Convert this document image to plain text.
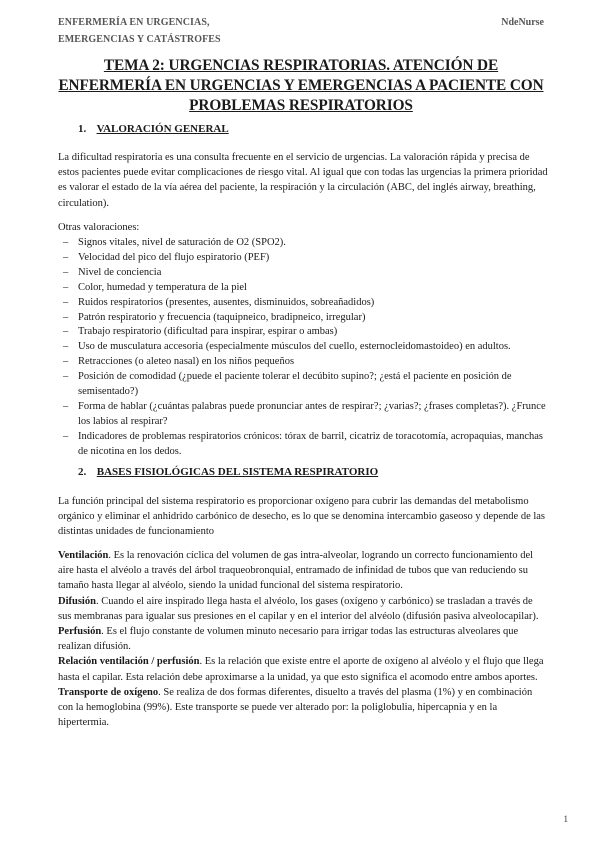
ENFERMERÍA EN URGENCIAS,
EMERGENCIAS Y CATÁSTROFES
NdeNurse
TEMA 2: URGENCIAS RESPIRATORIAS. ATENCIÓN DE ENFERMERÍA EN URGENCIAS Y EMERGENCIAS A PACIENTE CON PROBLEMAS RESPIRATORIOS
1. VALORACIÓN GENERAL

La dificultad respiratoria es una consulta frecuente en el servicio de urgencias. La valoración rápida y precisa de estos pacientes puede evitar complicaciones de riesgo vital. Al igual que con todas las urgencias la primera prioridad es valorar el estado de la vía aérea del paciente, la respiración y la circulación (ABC, del inglés airway, breathing, circulation).

Otras valoraciones:

– Signos vitales, nivel de saturación de O2 (SPO2).
– Velocidad del pico del flujo espiratorio (PEF)
– Nivel de conciencia
– Color, humedad y temperatura de la piel
– Ruidos respiratorios (presentes, ausentes, disminuidos, sobreañadidos)
– Patrón respiratorio y frecuencia (taquipneico, bradipneico, irregular)
– Trabajo respiratorio (dificultad para inspirar, espirar o ambas)
– Uso de musculatura accesoria (especialmente músculos del cuello, esternocleidomastoideo) en adultos.
– Retracciones (o aleteo nasal) en los niños pequeños
– Posición de comodidad (¿puede el paciente tolerar el decúbito supino?; ¿está el paciente en posición de semisentado?)
– Forma de hablar (¿cuántas palabras puede pronunciar antes de respirar?; ¿varias?; ¿frases completas?). ¿Frunce los labios al respirar?
– Indicadores de problemas respiratorios crónicos: tórax de barril, cicatriz de toracotomía, acropaquias, manchas de nicotina en los dedos.
2. BASES FISIOLÓGICAS DEL SISTEMA RESPIRATORIO

La función principal del sistema respiratorio es proporcionar oxígeno para cubrir las demandas del metabolismo orgánico y eliminar el anhidrido carbónico de desecho, es lo que se denomina intercambio gaseoso y depende de las distintas unidades de funcionamiento

Ventilación. Es la renovación cíclica del volumen de gas intra-alveolar, logrando un correcto funcionamiento del aire hasta el alvéolo a través del árbol traqueobronquial, entramado de infinidad de tubos que van reduciendo su tamaño hasta llegar al alvéolo, siendo la unidad funcional del sistema respiratorio.

Difusión. Cuando el aire inspirado llega hasta el alvéolo, los gases (oxígeno y carbónico) se trasladan a través de sus membranas para igualar sus presiones en el capilar y en el interior del alvéolo (difusión pasiva alveolocapilar).

Perfusión. Es el flujo constante de volumen minuto necesario para irrigar todas las estructuras alveolares que realizan difusión.

Relación ventilación / perfusión. Es la relación que existe entre el aporte de oxígeno al alvéolo y el flujo que llega hasta el capilar. Esta relación debe aproximarse a la unidad, ya que esto significa el acomodo entre ambos aportes.

Transporte de oxígeno. Se realiza de dos formas diferentes, disuelto a través del plasma (1%) y en combinación con la hemoglobina (99%). Este transporte se puede ver alterado por: la poliglobulia, hipercapnia y en la hipertermia.

1
